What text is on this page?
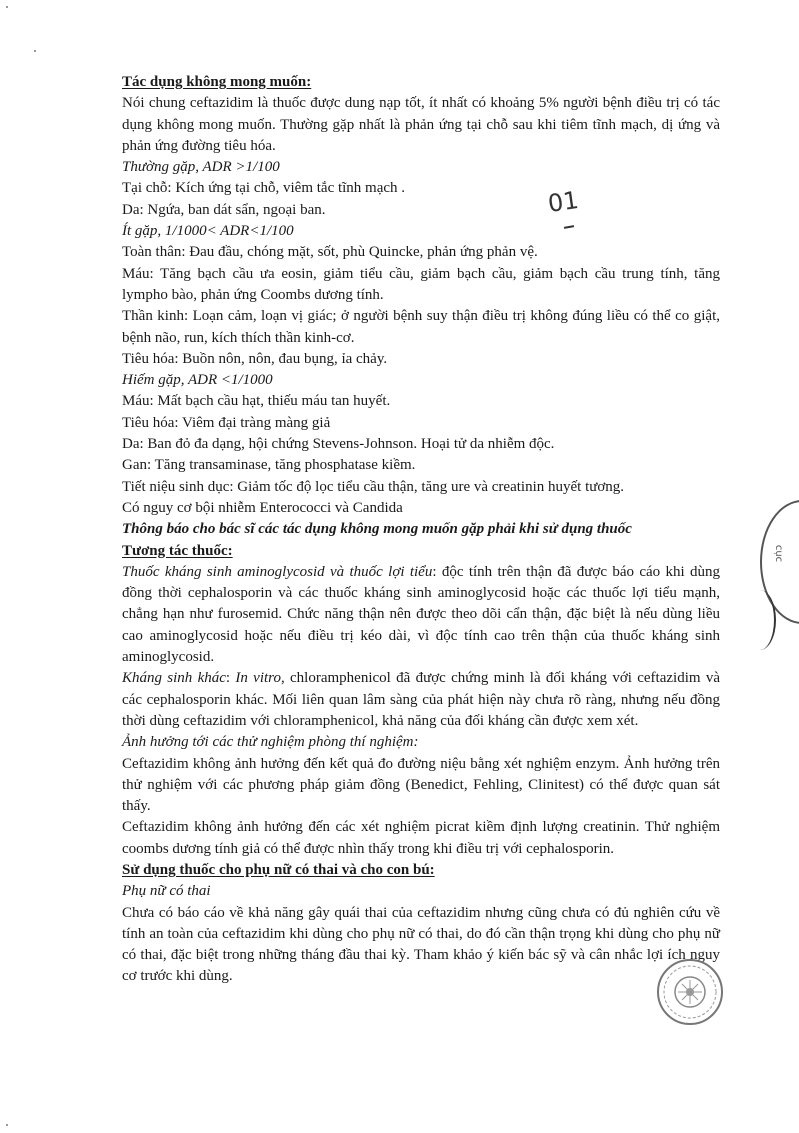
Tác dụng không mong muốn:

Nói chung ceftazidim là thuốc được dung nạp tốt, ít nhất có khoảng 5% người bệnh điều trị có tác dụng không mong muốn. Thường gặp nhất là phản ứng tại chỗ sau khi tiêm tĩnh mạch, dị ứng và phản ứng đường tiêu hóa.

Thường gặp, ADR >1/100

Tại chỗ: Kích ứng tại chỗ, viêm tắc tĩnh mạch .

Da: Ngứa, ban dát sẩn, ngoại ban.

Ít gặp, 1/1000< ADR<1/100

Toàn thân: Đau đầu, chóng mặt, sốt, phù Quincke, phản ứng phản vệ.

Máu: Tăng bạch cầu ưa eosin, giảm tiểu cầu, giảm bạch cầu, giảm bạch cầu trung tính, tăng lympho bào, phản ứng Coombs dương tính.

Thần kinh: Loạn cảm, loạn vị giác; ở người bệnh suy thận điều trị không đúng liều có thể co giật, bệnh não, run, kích thích thần kinh-cơ.

Tiêu hóa: Buồn nôn, nôn, đau bụng, ỉa chảy.

Hiếm gặp, ADR <1/1000

Máu: Mất bạch cầu hạt, thiếu máu tan huyết.

Tiêu hóa: Viêm đại tràng màng giả

Da: Ban đỏ đa dạng, hội chứng Stevens-Johnson. Hoại tử da nhiễm độc.

Gan: Tăng transaminase, tăng phosphatase kiềm.

Tiết niệu sinh dục: Giảm tốc độ lọc tiểu cầu thận, tăng ure và creatinin huyết tương.

Có nguy cơ bội nhiễm Enterococci và Candida

Thông báo cho bác sĩ các tác dụng không mong muốn gặp phải khi sử dụng thuốc

Tương tác thuốc:

Thuốc kháng sinh aminoglycosid và thuốc lợi tiểu: độc tính trên thận đã được báo cáo khi dùng đồng thời cephalosporin và các thuốc kháng sinh aminoglycosid hoặc các thuốc lợi tiểu mạnh, chẳng hạn như furosemid. Chức năng thận nên được theo dõi cẩn thận, đặc biệt là nếu dùng liều cao aminoglycosid hoặc nếu điều trị kéo dài, vì độc tính cao trên thận của thuốc kháng sinh aminoglycosid.

Kháng sinh khác: In vitro, chloramphenicol đã được chứng minh là đối kháng với ceftazidim và các cephalosporin khác. Mối liên quan lâm sàng của phát hiện này chưa rõ ràng, nhưng nếu đồng thời dùng ceftazidim với chloramphenicol, khả năng của đối kháng cần được xem xét.

Ảnh hưởng tới các thử nghiệm phòng thí nghiệm:

Ceftazidim không ảnh hưởng đến kết quả đo đường niệu bằng xét nghiệm enzym. Ảnh hưởng trên thử nghiệm với các phương pháp giảm đồng (Benedict, Fehling, Clinitest) có thể được quan sát thấy.

Ceftazidim không ảnh hưởng đến các xét nghiệm picrat kiềm định lượng creatinin. Thử nghiệm coombs dương tính giả có thể được nhìn thấy trong khi điều trị với cephalosporin.

Sử dụng thuốc cho phụ nữ có thai và cho con bú:

Phụ nữ có thai

Chưa có báo cáo về khả năng gây quái thai của ceftazidim nhưng cũng chưa có đủ nghiên cứu về tính an toàn của ceftazidim khi dùng cho phụ nữ có thai, do đó cần thận trọng khi dùng cho phụ nữ có thai, đặc biệt trong những tháng đầu thai kỳ. Tham khảo ý kiến bác sỹ và cân nhắc lợi ích nguy cơ trước khi dùng.

01
cục
